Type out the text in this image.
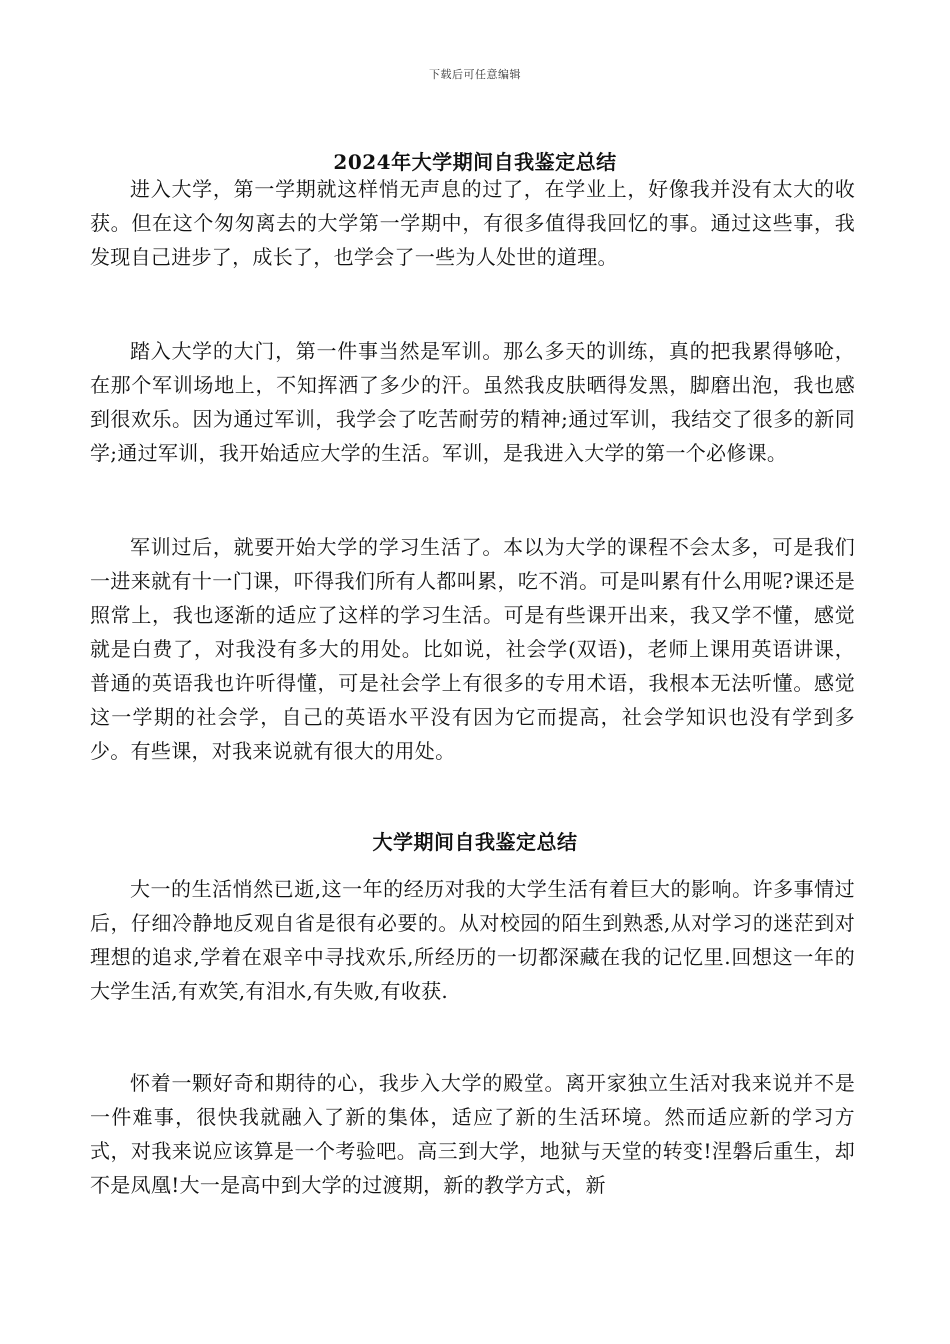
下载后可任意编辑
2024年大学期间自我鉴定总结
进入大学，第一学期就这样悄无声息的过了，在学业上，好像我并没有太大的收获。但在这个匆匆离去的大学第一学期中，有很多值得我回忆的事。通过这些事，我发现自己进步了，成长了，也学会了一些为人处世的道理。
踏入大学的大门，第一件事当然是军训。那么多天的训练，真的把我累得够呛，在那个军训场地上，不知挥洒了多少的汗。虽然我皮肤晒得发黑，脚磨出泡，我也感到很欢乐。因为通过军训，我学会了吃苦耐劳的精神;通过军训，我结交了很多的新同学;通过军训，我开始适应大学的生活。军训，是我进入大学的第一个必修课。
军训过后，就要开始大学的学习生活了。本以为大学的课程不会太多，可是我们一进来就有十一门课，吓得我们所有人都叫累，吃不消。可是叫累有什么用呢?课还是照常上，我也逐渐的适应了这样的学习生活。可是有些课开出来，我又学不懂，感觉就是白费了，对我没有多大的用处。比如说，社会学(双语)，老师上课用英语讲课，普通的英语我也许听得懂，可是社会学上有很多的专用术语，我根本无法听懂。感觉这一学期的社会学，自己的英语水平没有因为它而提高，社会学知识也没有学到多少。有些课，对我来说就有很大的用处。
大学期间自我鉴定总结
大一的生活悄然已逝,这一年的经历对我的大学生活有着巨大的影响。许多事情过后，仔细冷静地反观自省是很有必要的。从对校园的陌生到熟悉,从对学习的迷茫到对理想的追求,学着在艰辛中寻找欢乐,所经历的一切都深藏在我的记忆里.回想这一年的大学生活,有欢笑,有泪水,有失败,有收获.
怀着一颗好奇和期待的心，我步入大学的殿堂。离开家独立生活对我来说并不是一件难事，很快我就融入了新的集体，适应了新的生活环境。然而适应新的学习方式，对我来说应该算是一个考验吧。高三到大学，地狱与天堂的转变!涅磐后重生，却不是凤凰!大一是高中到大学的过渡期，新的教学方式，新
